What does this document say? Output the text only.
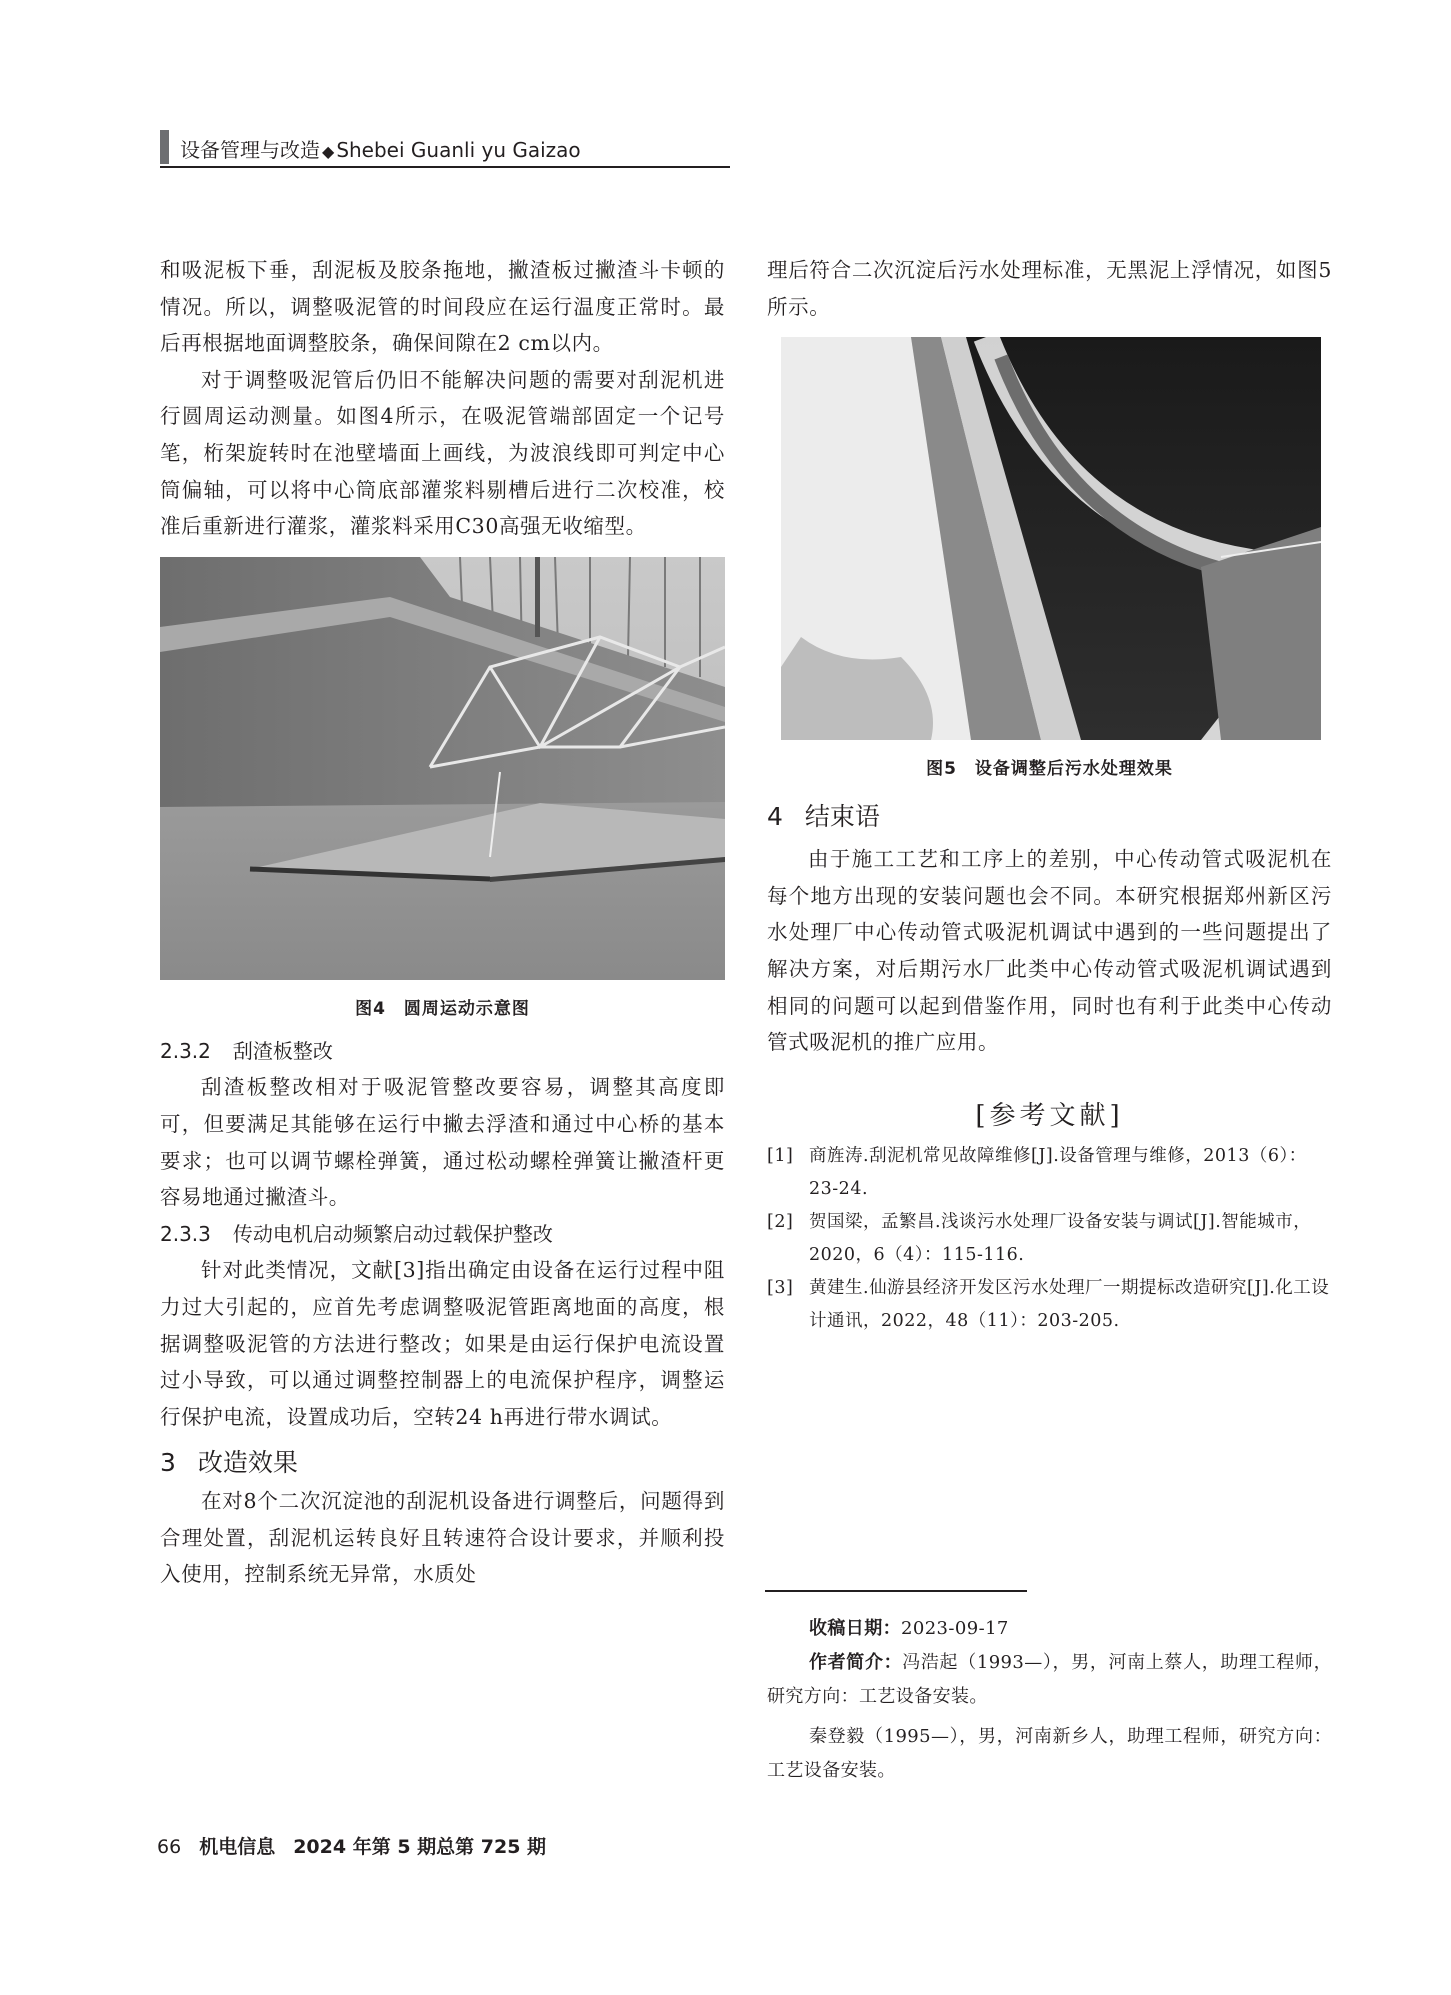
设备管理与改造 ◆ Shebei Guanli yu Gaizao

和吸泥板下垂，刮泥板及胶条拖地，撇渣板过撇渣斗卡顿的情况。所以，调整吸泥管的时间段应在运行温度正常时。最后再根据地面调整胶条，确保间隙在2 cm以内。

对于调整吸泥管后仍旧不能解决问题的需要对刮泥机进行圆周运动测量。如图4所示，在吸泥管端部固定一个记号笔，桁架旋转时在池壁墙面上画线，为波浪线即可判定中心筒偏轴，可以将中心筒底部灌浆料剔槽后进行二次校准，校准后重新进行灌浆，灌浆料采用C30高强无收缩型。

图4　圆周运动示意图

2.3.2 刮渣板整改

刮渣板整改相对于吸泥管整改要容易，调整其高度即可，但要满足其能够在运行中撇去浮渣和通过中心桥的基本要求；也可以调节螺栓弹簧，通过松动螺栓弹簧让撇渣杆更容易地通过撇渣斗。

2.3.3 传动电机启动频繁启动过载保护整改

针对此类情况，文献[3]指出确定由设备在运行过程中阻力过大引起的，应首先考虑调整吸泥管距离地面的高度，根据调整吸泥管的方法进行整改；如果是由运行保护电流设置过小导致，可以通过调整控制器上的电流保护程序，调整运行保护电流，设置成功后，空转24 h再进行带水调试。

3 改造效果

在对8个二次沉淀池的刮泥机设备进行调整后，问题得到合理处置，刮泥机运转良好且转速符合设计要求，并顺利投入使用，控制系统无异常，水质处

理后符合二次沉淀后污水处理标准，无黑泥上浮情况，如图5所示。

图5　设备调整后污水处理效果

4 结束语

由于施工工艺和工序上的差别，中心传动管式吸泥机在每个地方出现的安装问题也会不同。本研究根据郑州新区污水处理厂中心传动管式吸泥机调试中遇到的一些问题提出了解决方案，对后期污水厂此类中心传动管式吸泥机调试遇到相同的问题可以起到借鉴作用，同时也有利于此类中心传动管式吸泥机的推广应用。

[参考文献]
[1] 商旌涛.刮泥机常见故障维修[J].设备管理与维修，2013（6）：23-24.
[2] 贺国梁，孟繁昌.浅谈污水处理厂设备安装与调试[J].智能城市，2020，6（4）：115-116.
[3] 黄建生.仙游县经济开发区污水处理厂一期提标改造研究[J].化工设计通讯，2022，48（11）：203-205.

收稿日期：2023-09-17

作者简介：冯浩起（1993—），男，河南上蔡人，助理工程师，研究方向：工艺设备安装。

秦登毅（1995—），男，河南新乡人，助理工程师，研究方向：工艺设备安装。

66 机电信息 2024 年第 5 期总第 725 期
